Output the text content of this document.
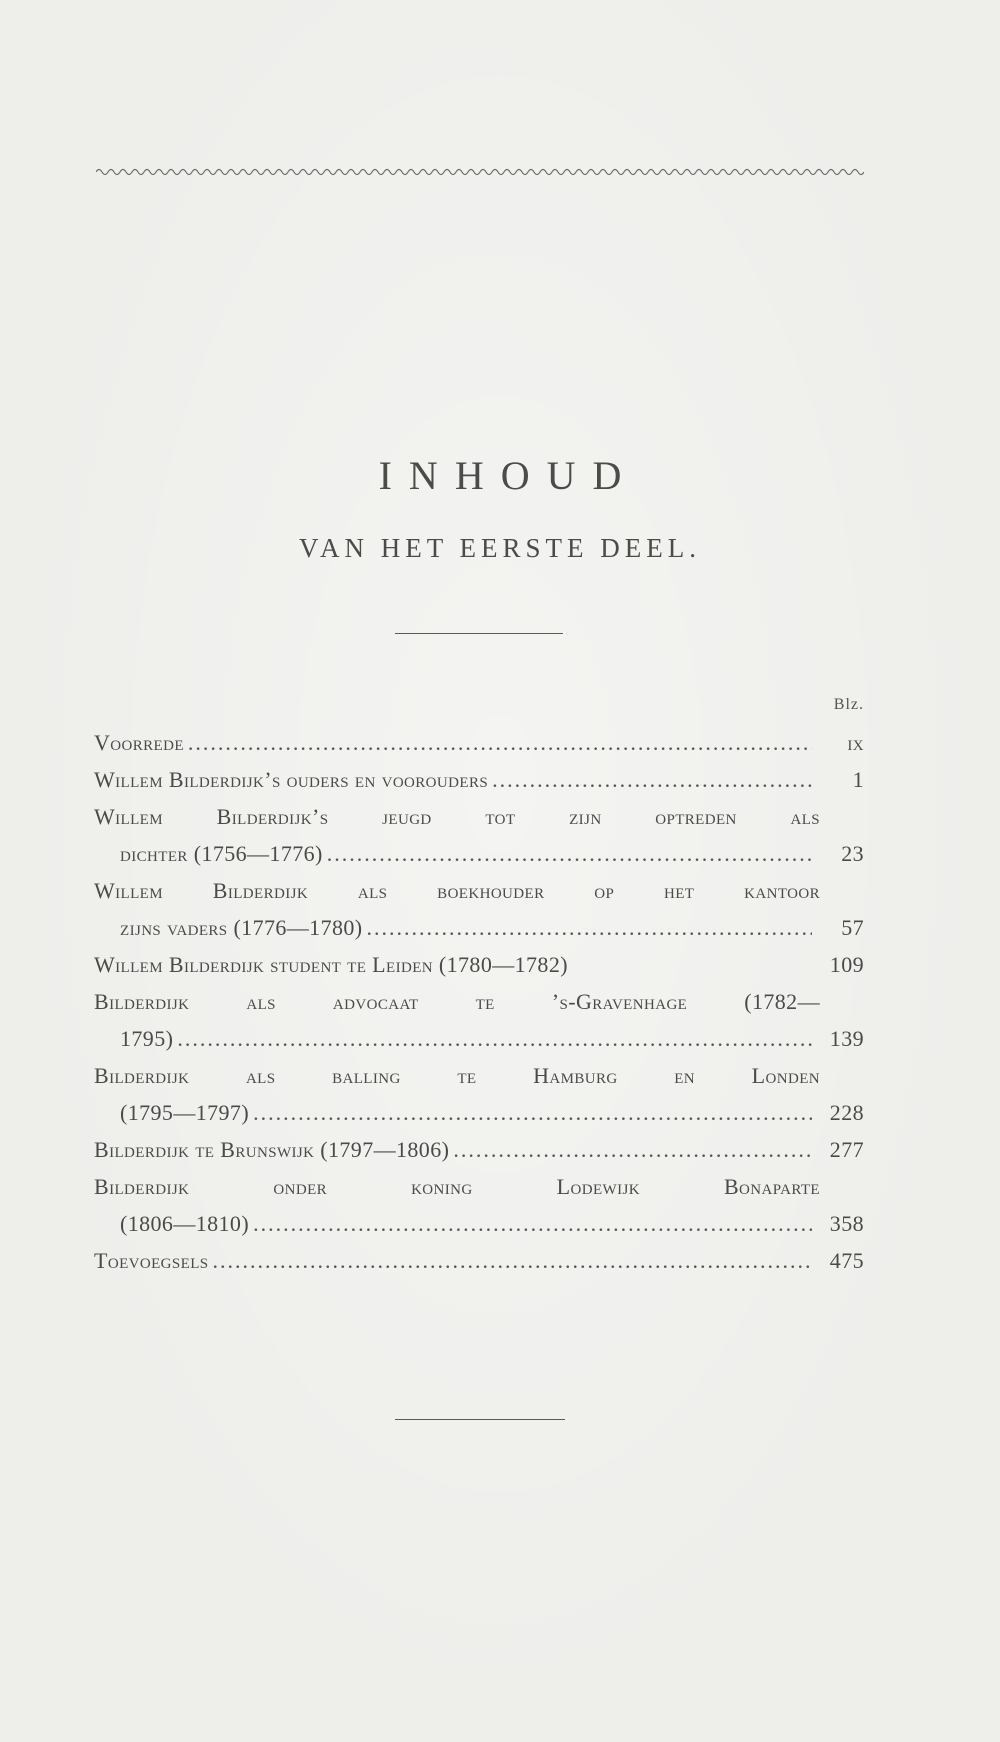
INHOUD
VAN HET EERSTE DEEL.
Blz.
Voorrede .....	ix
Willem Bilderdijk’s ouders en voorouders .....	1
Willem Bilderdijk’s jeugd tot zijn optreden als
dichter (1756—1776) .....	23
Willem Bilderdijk als boekhouder op het kantoor
zijns vaders (1776—1780) .....	57
Willem Bilderdijk student te Leiden (1780—1782)	109
Bilderdijk als advocaat te ’s-Gravenhage (1782—
1795) .....	139
Bilderdijk als balling te Hamburg en Londen
(1795—1797) .....	228
Bilderdijk te Brunswijk (1797—1806) .....	277
Bilderdijk onder koning Lodewijk Bonaparte
(1806—1810) .....	358
Toevoegsels .....	475
